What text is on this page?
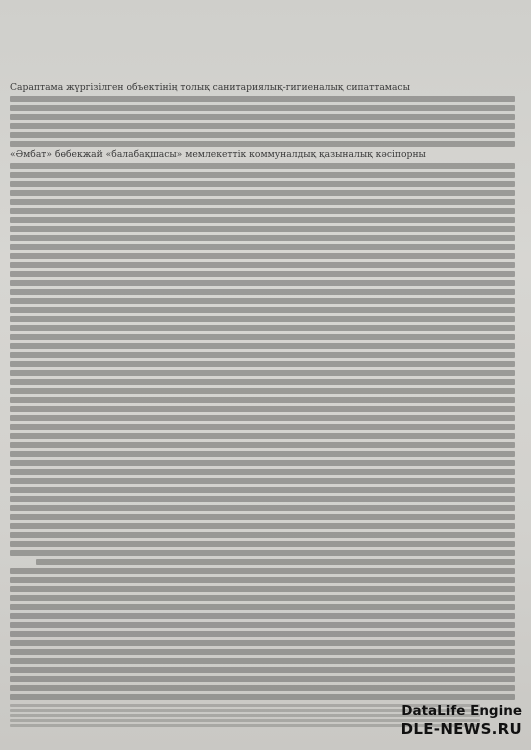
Сараптама жүргізілген объектінің толық санитариялық-гигиеналық сипаттамасы

«Әмбат» бөбекжай «балабақшасы» мемлекеттік коммуналдық қазыналық кәсіпорны

DataLife Engine
DLE-NEWS.RU
